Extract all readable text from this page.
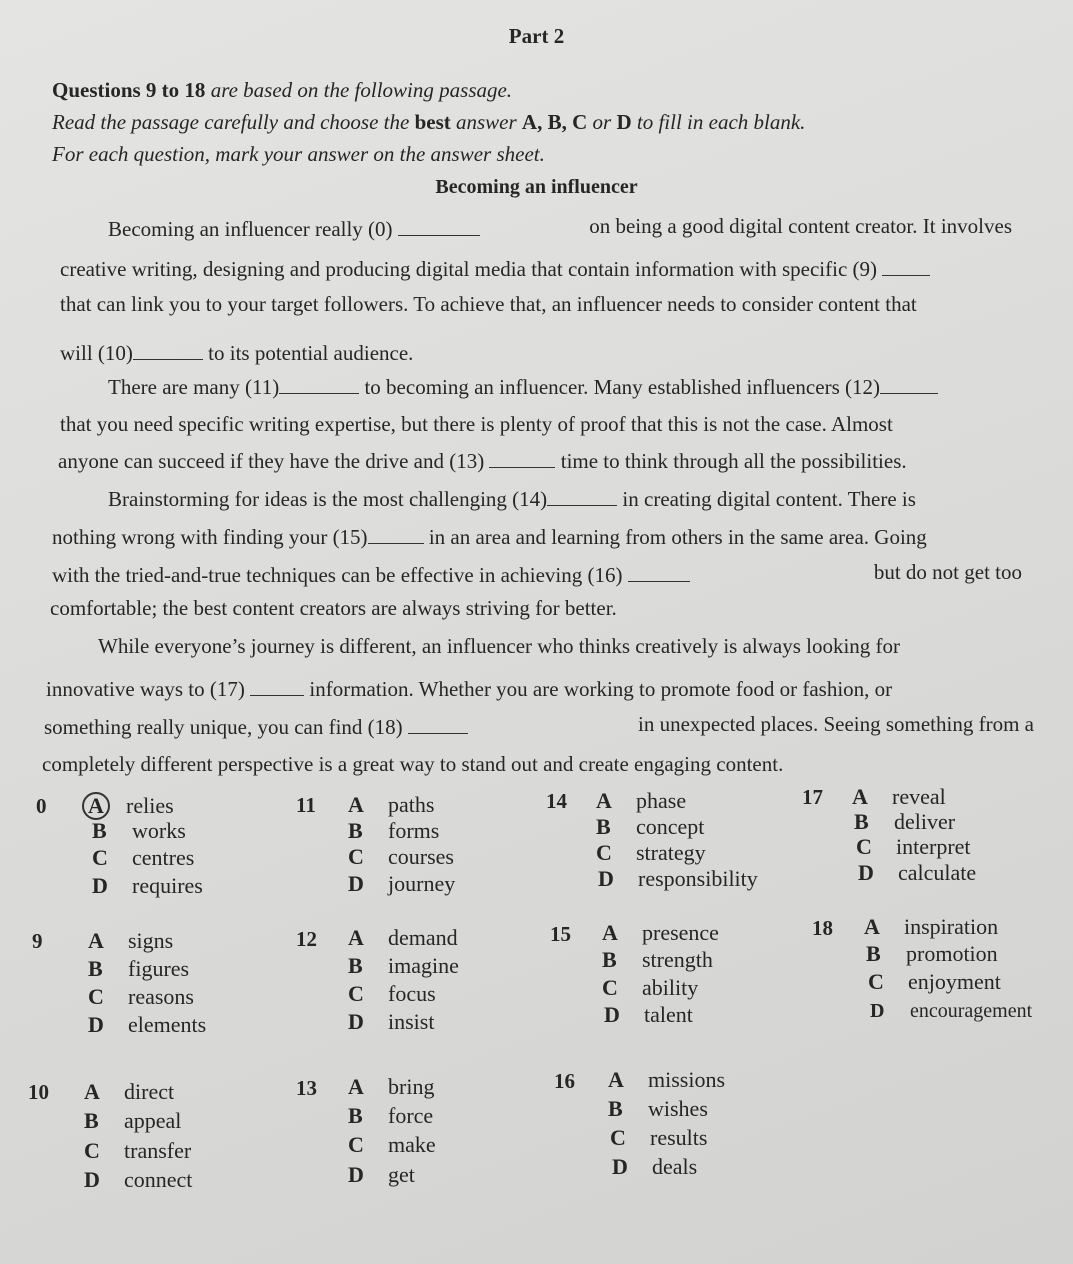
Part 2
Questions 9 to 18 are based on the following passage.
Read the passage carefully and choose the best answer A, B, C or D to fill in each blank.
For each question, mark your answer on the answer sheet.
Becoming an influencer
Becoming an influencer really (0)	on being a good digital content creator. It involves
creative writing, designing and producing digital media that contain information with specific (9)
that can link you to your target followers. To achieve that, an influencer needs to consider content that
will (10)	to its potential audience.
There are many (11)	to becoming an influencer. Many established influencers (12)
that you need specific writing expertise, but there is plenty of proof that this is not the case. Almost
anyone can succeed if they have the drive and (13)	time to think through all the possibilities.
Brainstorming for ideas is the most challenging (14)	in creating digital content. There is
nothing wrong with finding your (15)	in an area and learning from others in the same area. Going
with the tried-and-true techniques can be effective in achieving (16)	but do not get too
comfortable; the best content creators are always striving for better.
While everyone’s journey is different, an influencer who thinks creatively is always looking for
innovative ways to (17)	information. Whether you are working to promote food or fashion, or
something really unique, you can find (18)	in unexpected places. Seeing something from a
completely different perspective is a great way to stand out and create engaging content.
0 A relies
B works
C centres
D requires
11 A paths
B forms
C courses
D journey
14 A phase
B concept
C strategy
D responsibility
17 A reveal
B deliver
C interpret
D calculate
9 A signs
B figures
C reasons
D elements
12 A demand
B imagine
C focus
D insist
15 A presence
B strength
C ability
D talent
18 A inspiration
B promotion
C enjoyment
D encouragement
10 A direct
B appeal
C transfer
D connect
13 A bring
B force
C make
D get
16 A missions
B wishes
C results
D deals
